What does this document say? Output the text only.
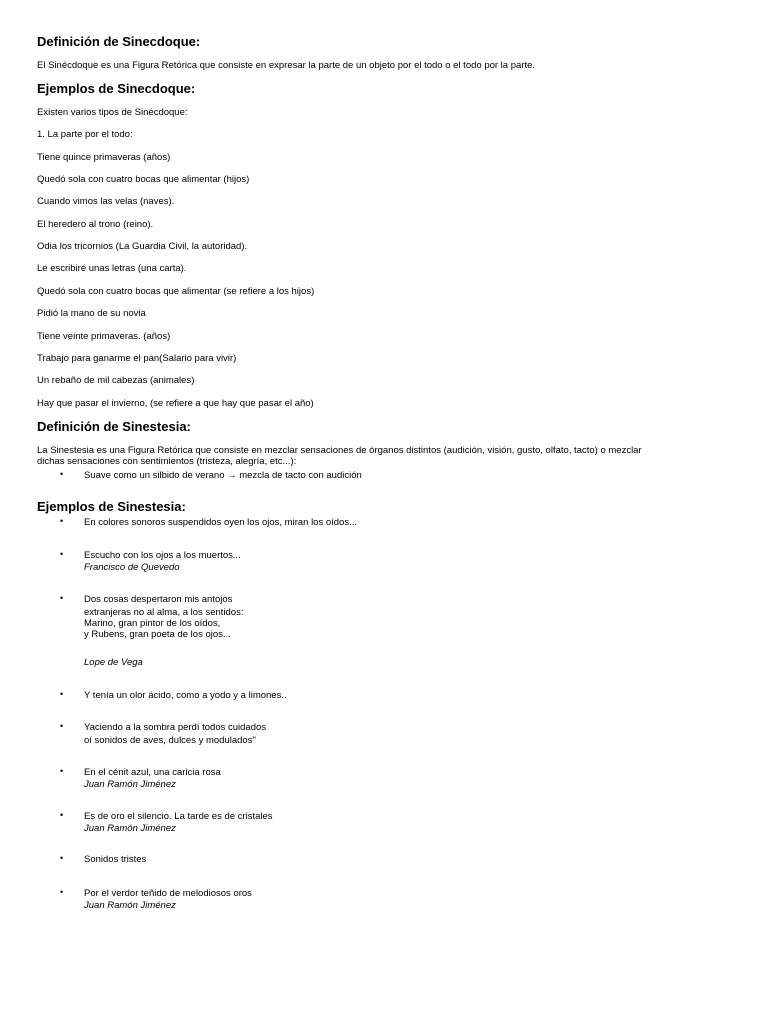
Definición de Sinecdoque:
El Sinécdoque es una Figura Retórica que consiste en expresar la parte de un objeto por el todo o el todo por la parte.
Ejemplos de Sinecdoque:
Existen varios tipos de Sinécdoque:
1. La parte por el todo:
Tiene quince primaveras (años)
Quedó sola con cuatro bocas que alimentar (hijos)
Cuando vimos las velas (naves).
El heredero al trono (reino).
Odia los tricornios (La Guardia Civil, la autoridad).
Le escribiré unas letras (una carta).
Quedó sola con cuatro bocas que alimentar (se refiere a los hijos)
Pidió la mano de su novia
Tiene veinte primaveras. (años)
Trabajo para ganarme el pan(Salario para vivir)
Un rebaño de mil cabezas (animales)
Hay que pasar el invierno, (se refiere a que hay que pasar el año)
Definición de Sinestesia:
La Sinestesia es una Figura Retórica que consiste en mezclar sensaciones de órganos distintos (audición, visión, gusto, olfato, tacto) o mezclar
dichas sensaciones con sentimientos (tristeza, alegría, etc...):
• Suave como un silbido de verano → mezcla de tacto con audición
Ejemplos de Sinestesia:
• En colores sonoros suspendidos oyen los ojos, miran los oídos...
• Escucho con los ojos a los muertos...
Francisco de Quevedo
• Dos cosas despertaron mis antojos
extranjeras no al alma, a los sentidos:
Marino, gran pintor de los oídos,
y Rubens, gran poeta de los ojos...
Lope de Vega
• Y tenía un olor ácido, como a yodo y a limones..
• Yaciendo a la sombra perdí todos cuidados
oí sonidos de aves, dulces y modulados"
• En el cénit azul, una caricia rosa
Juan Ramón Jiménez
• Es de oro el silencio. La tarde es de cristales
Juan Ramón Jiménez
• Sonidos tristes
• Por el verdor teñido de melodiosos oros
Juan Ramón Jiménez
